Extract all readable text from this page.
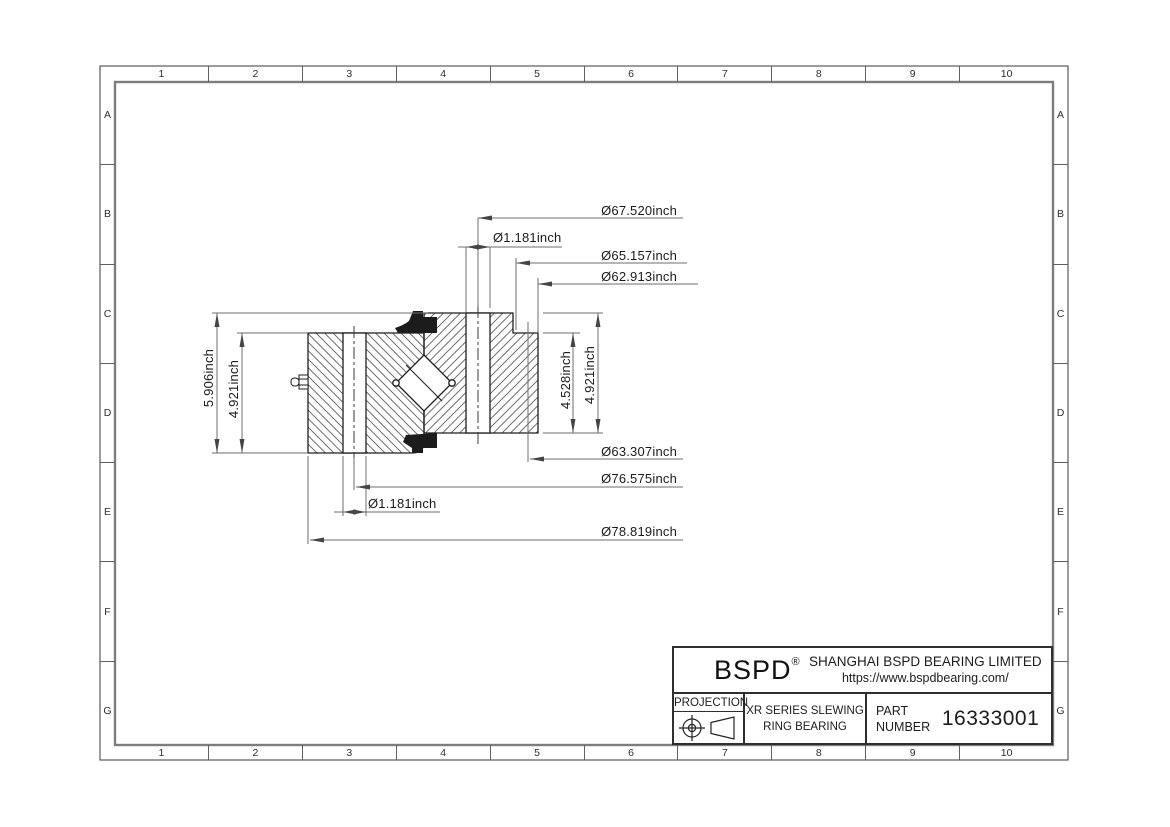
1	2	3	4	5	6	7	8	9	10
1	2	3	4	5	6	7	8	9	10
A
B
C
D
E
F
G
A
B
C
D
E
F
G
Ø67.520inch
Ø1.181inch
Ø65.157inch
Ø62.913inch
5.906inch 4.921inch	4.528inch 4.921inch
Ø63.307inch
Ø76.575inch
Ø1.181inch
Ø78.819inch
BSPD® SHANGHAI BSPD BEARING LIMITED
https://www.bspdbearing.com/
PROJECTION
XR SERIES SLEWING
RING BEARING
PART
NUMBER 16333001
